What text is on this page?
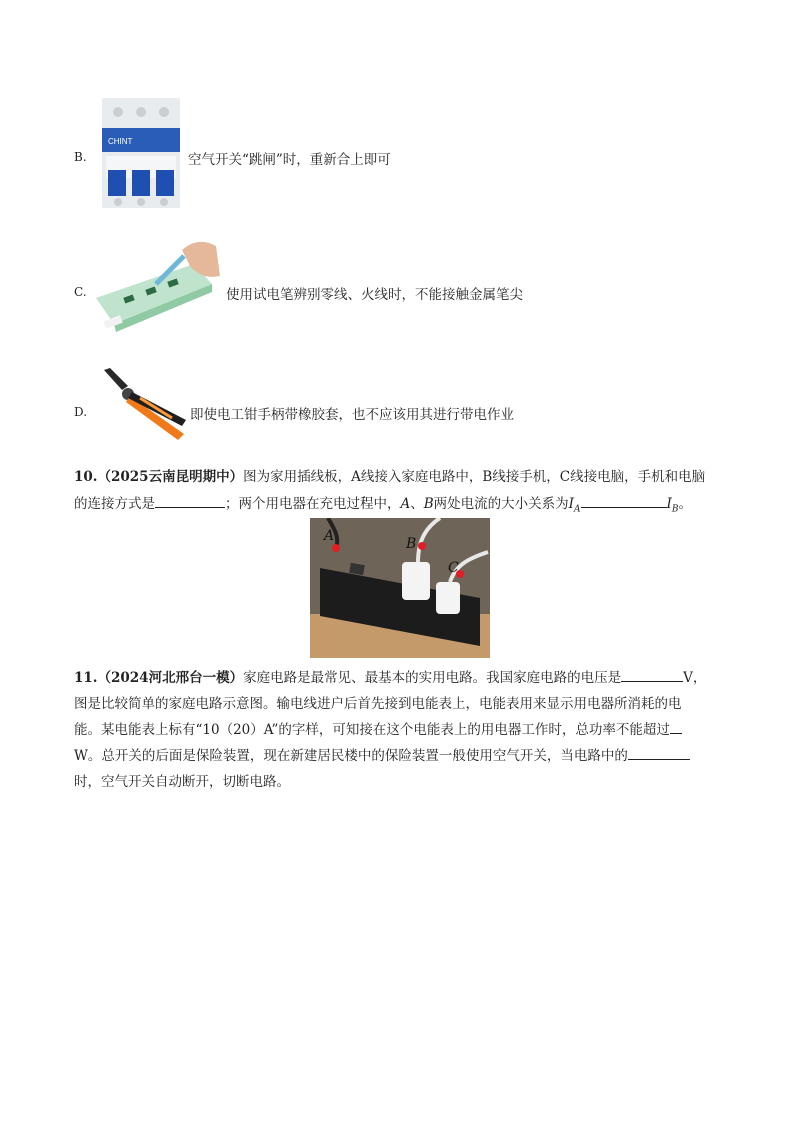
B.
CHINT
空气开关“跳闸”时，重新合上即可
C.	使用试电笔辨别零线、火线时，不能接触金属笔尖
D.	即使电工钳手柄带橡胶套，也不应该用其进行带电作业
10.（2025云南昆明期中）图为家用插线板，A线接入家庭电路中，B线接手机，C线接电脑，手机和电脑
的连接方式是	；两个用电器在充电过程中，A、B两处电流的大小关系为$I_A$	$I_B$。
A	B
C
11.（2024河北邢台一模）家庭电路是最常见、最基本的实用电路。我国家庭电路的电压是	V，
图是比较简单的家庭电路示意图。输电线进户后首先接到电能表上，电能表用来显示用电器所消耗的电
能。某电能表上标有“10（20）A”的字样，可知接在这个电能表上的用电器工作时，总功率不能超过
W。总开关的后面是保险装置，现在新建居民楼中的保险装置一般使用空气开关，当电路中的
时，空气开关自动断开，切断电路。
